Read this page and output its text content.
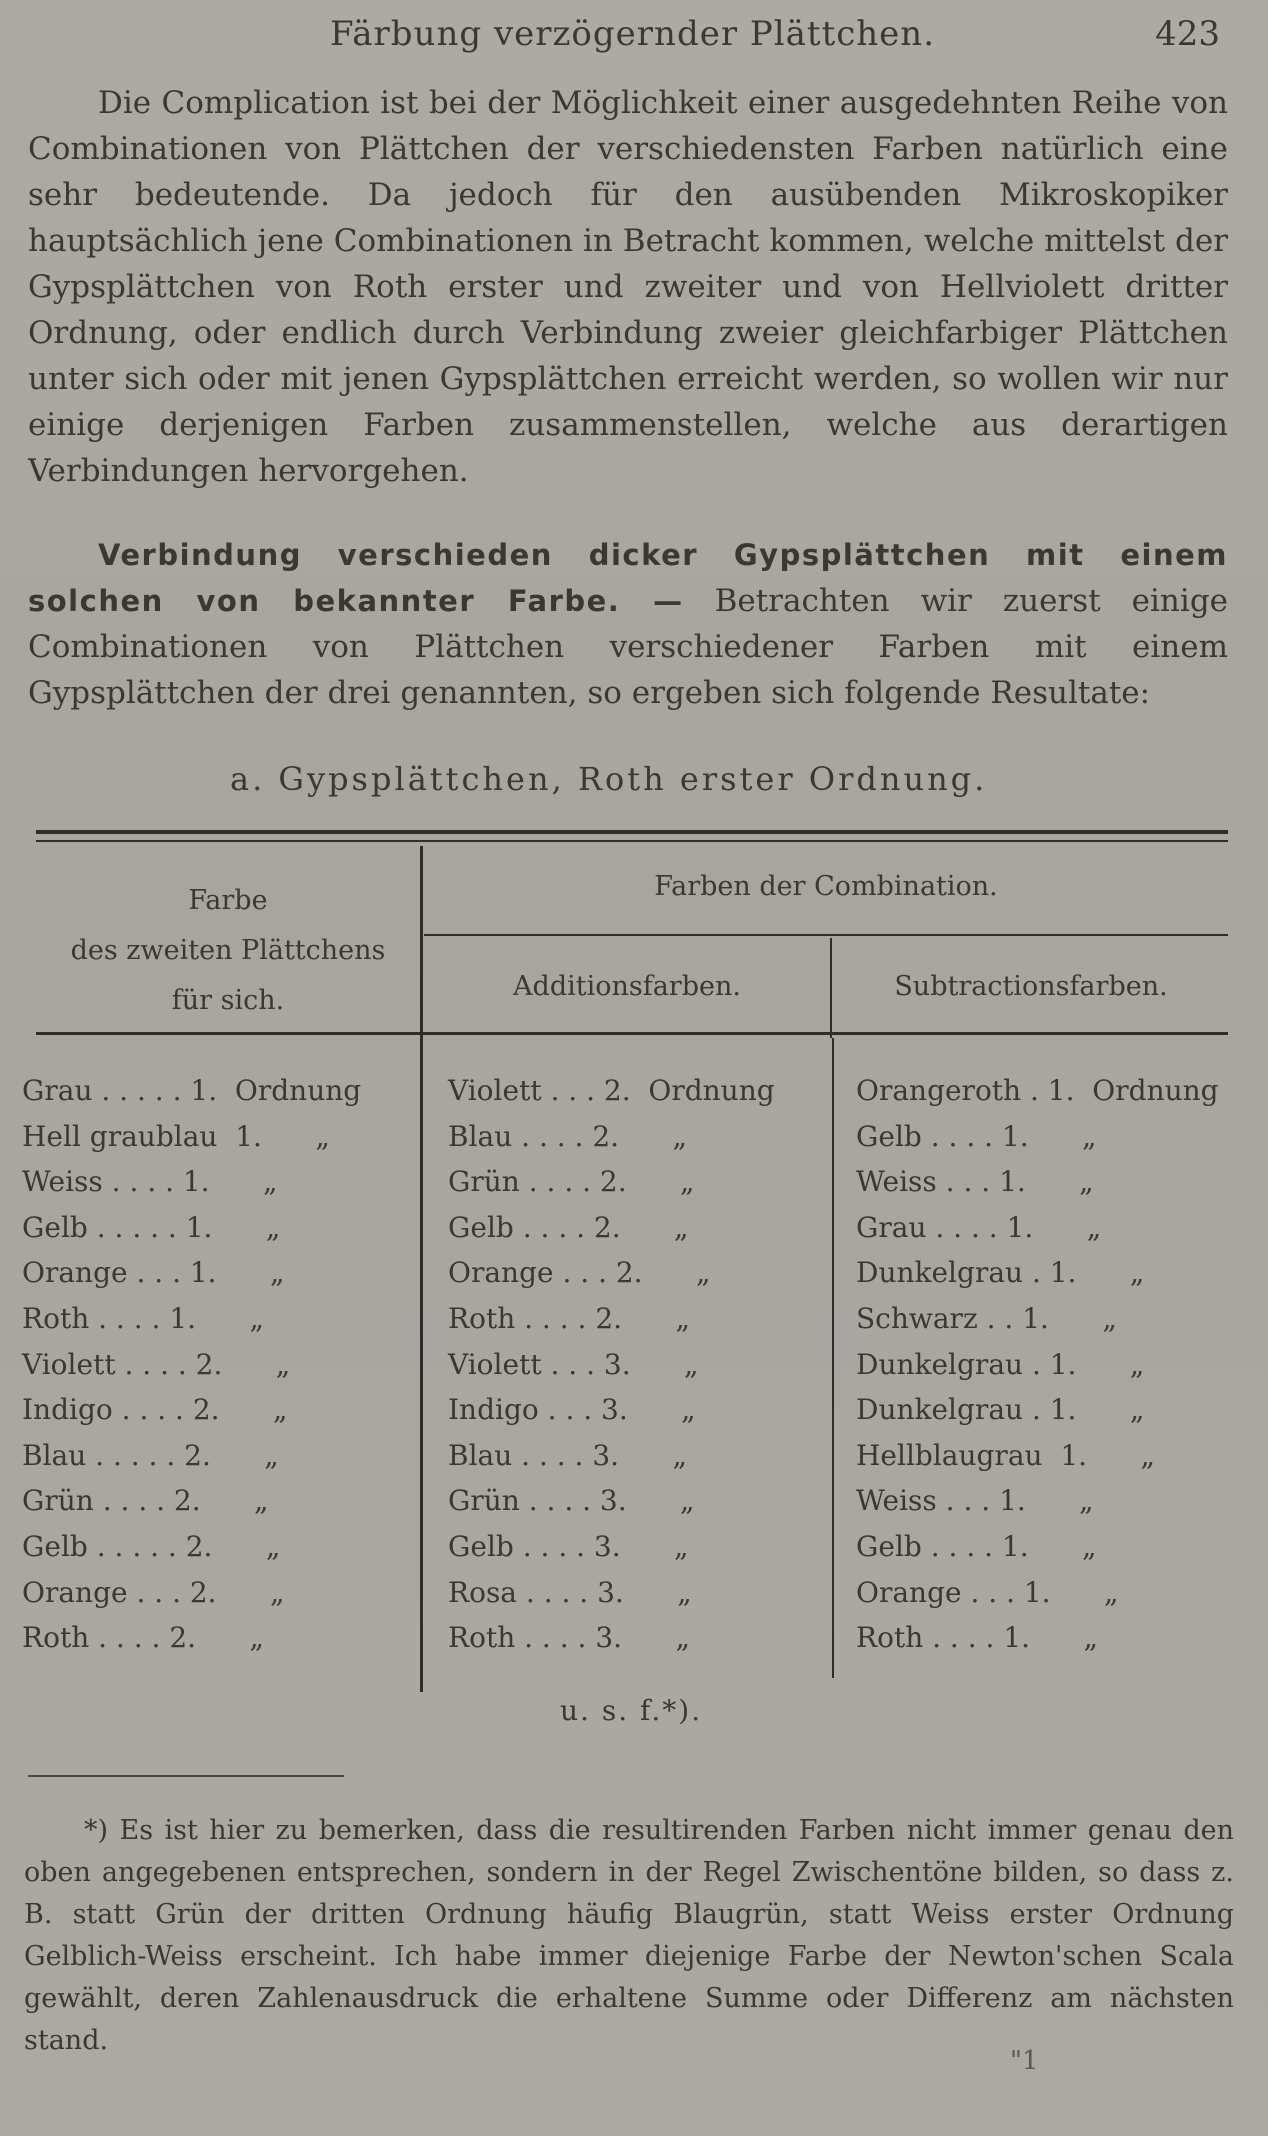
Färbung verzögernder Plättchen.	423

Die Complication ist bei der Möglichkeit einer ausgedehnten Reihe von Combinationen von Plättchen der verschiedensten Farben natürlich eine sehr bedeutende. Da jedoch für den ausübenden Mikroskopiker hauptsächlich jene Combinationen in Betracht kommen, welche mittelst der Gypsplättchen von Roth erster und zweiter und von Hellviolett dritter Ordnung, oder endlich durch Verbindung zweier gleichfarbiger Plättchen unter sich oder mit jenen Gypsplättchen erreicht werden, so wollen wir nur einige derjenigen Farben zusammenstellen, welche aus derartigen Verbindungen hervorgehen.

Verbindung verschieden dicker Gypsplättchen mit einem solchen von bekannter Farbe. — Betrachten wir zuerst einige Combinationen von Plättchen verschiedener Farben mit einem Gypsplättchen der drei genannten, so ergeben sich folgende Resultate:

a. Gypsplättchen, Roth erster Ordnung.
Farbe
des zweiten Plättchens
für sich.
Farben der Combination.
Additionsfarben.	Subtractionsfarben.
Grau . . . . . 1.  Ordnung	Violett . . . 2.  Ordnung	Orangeroth . 1.  Ordnung
Hell graublau  1.      „	Blau . . . . 2.      „	Gelb . . . . 1.      „
Weiss . . . . 1.      „	Grün . . . . 2.      „	Weiss . . . 1.      „
Gelb . . . . . 1.      „	Gelb . . . . 2.      „	Grau . . . . 1.      „
Orange . . . 1.      „	Orange . . . 2.      „	Dunkelgrau . 1.      „
Roth . . . . 1.      „	Roth . . . . 2.      „	Schwarz . . 1.      „
Violett . . . . 2.      „	Violett . . . 3.      „	Dunkelgrau . 1.      „
Indigo . . . . 2.      „	Indigo . . . 3.      „	Dunkelgrau . 1.      „
Blau . . . . . 2.      „	Blau . . . . 3.      „	Hellblaugrau  1.      „
Grün . . . . 2.      „	Grün . . . . 3.      „	Weiss . . . 1.      „
Gelb . . . . . 2.      „	Gelb . . . . 3.      „	Gelb . . . . 1.      „
Orange . . . 2.      „	Rosa . . . . 3.      „	Orange . . . 1.      „
Roth . . . . 2.      „	Roth . . . . 3.      „	Roth . . . . 1.      „
u. s. f.*).

*) Es ist hier zu bemerken, dass die resultirenden Farben nicht immer genau den oben angegebenen entsprechen, sondern in der Regel Zwischentöne bilden, so dass z. B. statt Grün der dritten Ordnung häufig Blaugrün, statt Weiss erster Ordnung Gelblich-Weiss erscheint. Ich habe immer diejenige Farbe der Newton'schen Scala gewählt, deren Zahlenausdruck die erhaltene Summe oder Differenz am nächsten stand.

"1
